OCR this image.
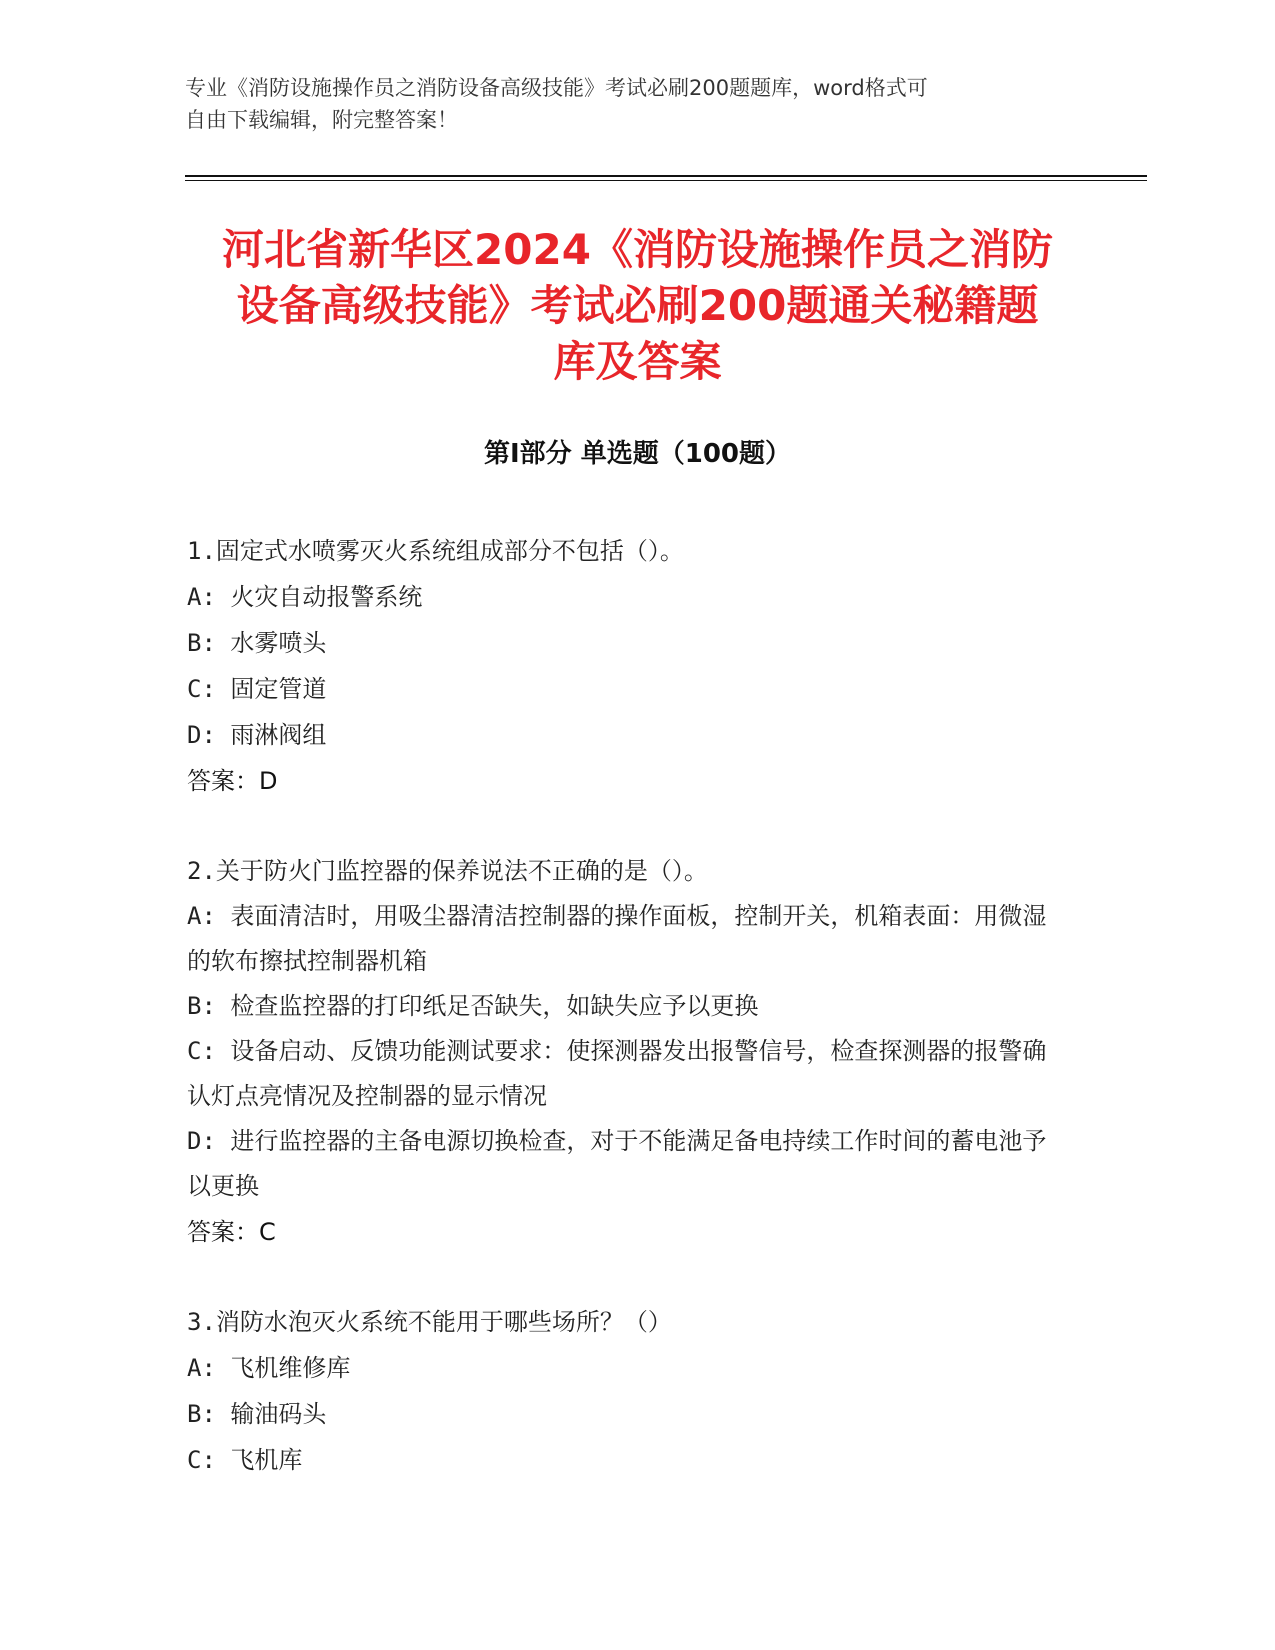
专业《消防设施操作员之消防设备高级技能》考试必刷200题题库，word格式可
自由下载编辑，附完整答案！
河北省新华区2024《消防设施操作员之消防
设备高级技能》考试必刷200题通关秘籍题
库及答案
第Ⅰ部分 单选题（100题）
1.固定式水喷雾灭火系统组成部分不包括（）。
A: 火灾自动报警系统
B: 水雾喷头
C: 固定管道
D: 雨淋阀组
答案：D
2.关于防火门监控器的保养说法不正确的是（）。
A: 表面清洁时，用吸尘器清洁控制器的操作面板，控制开关，机箱表面：用微湿的软布擦拭控制器机箱
B: 检查监控器的打印纸足否缺失，如缺失应予以更换
C: 设备启动、反馈功能测试要求：使探测器发出报警信号，检查探测器的报警确认灯点亮情况及控制器的显示情况
D: 进行监控器的主备电源切换检查，对于不能满足备电持续工作时间的蓄电池予以更换
答案：C
3.消防水泡灭火系统不能用于哪些场所？（）
A: 飞机维修库
B: 输油码头
C: 飞机库
